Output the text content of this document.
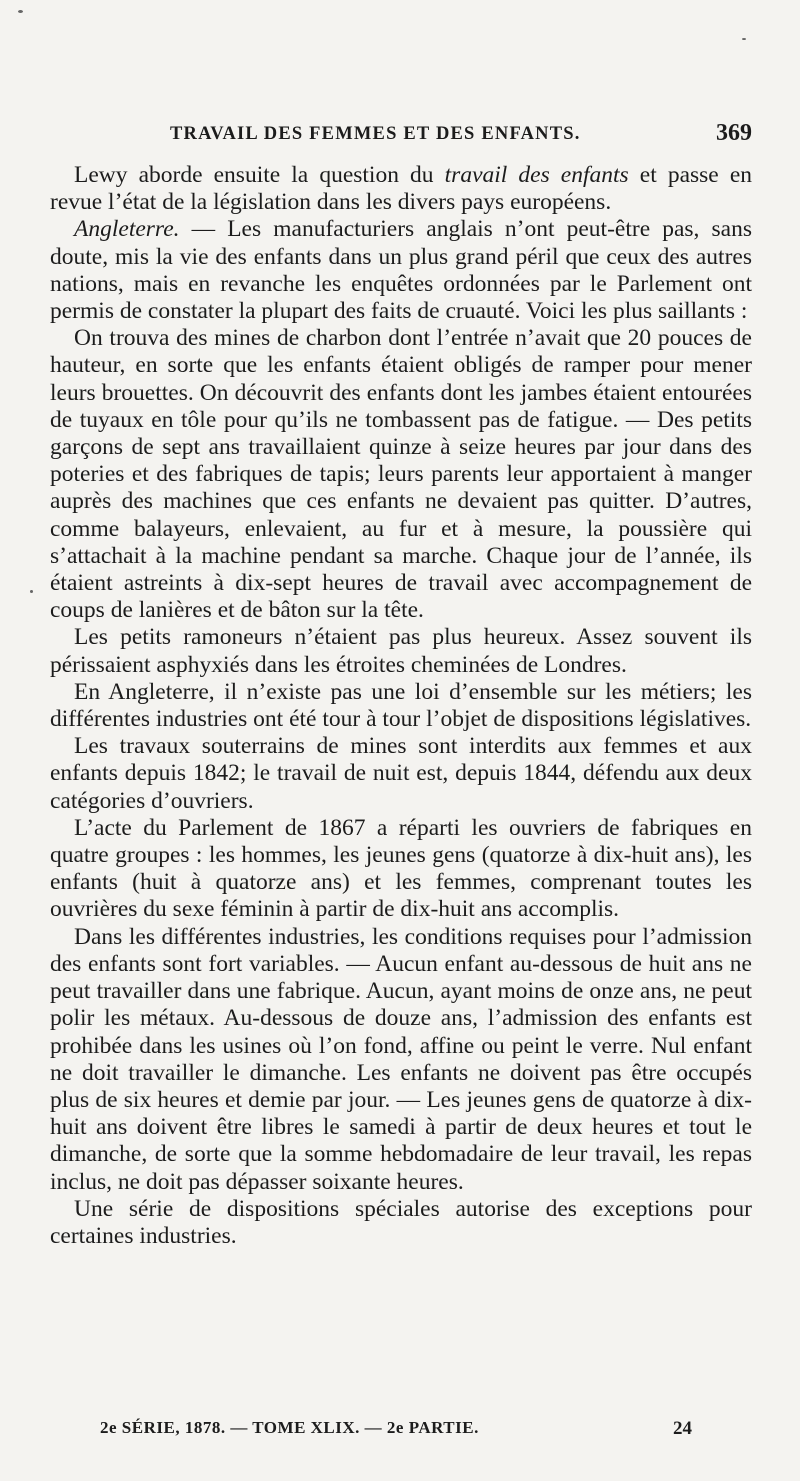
TRAVAIL DES FEMMES ET DES ENFANTS.	369

Lewy aborde ensuite la question du travail des enfants et passe en revue l’état de la législation dans les divers pays européens.

Angleterre. — Les manufacturiers anglais n’ont peut-être pas, sans doute, mis la vie des enfants dans un plus grand péril que ceux des autres nations, mais en revanche les enquêtes ordonnées par le Parlement ont permis de constater la plupart des faits de cruauté. Voici les plus saillants :

On trouva des mines de charbon dont l’entrée n’avait que 20 pouces de hauteur, en sorte que les enfants étaient obligés de ramper pour mener leurs brouettes. On découvrit des enfants dont les jambes étaient entourées de tuyaux en tôle pour qu’ils ne tombassent pas de fatigue. — Des petits garçons de sept ans travaillaient quinze à seize heures par jour dans des poteries et des fabriques de tapis; leurs parents leur apportaient à manger auprès des machines que ces enfants ne devaient pas quitter. D’autres, comme balayeurs, enlevaient, au fur et à mesure, la poussière qui s’attachait à la machine pendant sa marche. Chaque jour de l’année, ils étaient astreints à dix-sept heures de travail avec accompagnement de coups de lanières et de bâton sur la tête.

Les petits ramoneurs n’étaient pas plus heureux. Assez souvent ils périssaient asphyxiés dans les étroites cheminées de Londres.

En Angleterre, il n’existe pas une loi d’ensemble sur les métiers; les différentes industries ont été tour à tour l’objet de dispositions législatives.

Les travaux souterrains de mines sont interdits aux femmes et aux enfants depuis 1842; le travail de nuit est, depuis 1844, défendu aux deux catégories d’ouvriers.

L’acte du Parlement de 1867 a réparti les ouvriers de fabriques en quatre groupes : les hommes, les jeunes gens (quatorze à dix-huit ans), les enfants (huit à quatorze ans) et les femmes, comprenant toutes les ouvrières du sexe féminin à partir de dix-huit ans accomplis.

Dans les différentes industries, les conditions requises pour l’admission des enfants sont fort variables. — Aucun enfant au-dessous de huit ans ne peut travailler dans une fabrique. Aucun, ayant moins de onze ans, ne peut polir les métaux. Au-dessous de douze ans, l’admission des enfants est prohibée dans les usines où l’on fond, affine ou peint le verre. Nul enfant ne doit travailler le dimanche. Les enfants ne doivent pas être occupés plus de six heures et demie par jour. — Les jeunes gens de quatorze à dix-huit ans doivent être libres le samedi à partir de deux heures et tout le dimanche, de sorte que la somme hebdomadaire de leur travail, les repas inclus, ne doit pas dépasser soixante heures.

Une série de dispositions spéciales autorise des exceptions pour certaines industries.

2e SÉRIE, 1878. — TOME XLIX. — 2e PARTIE.	24
